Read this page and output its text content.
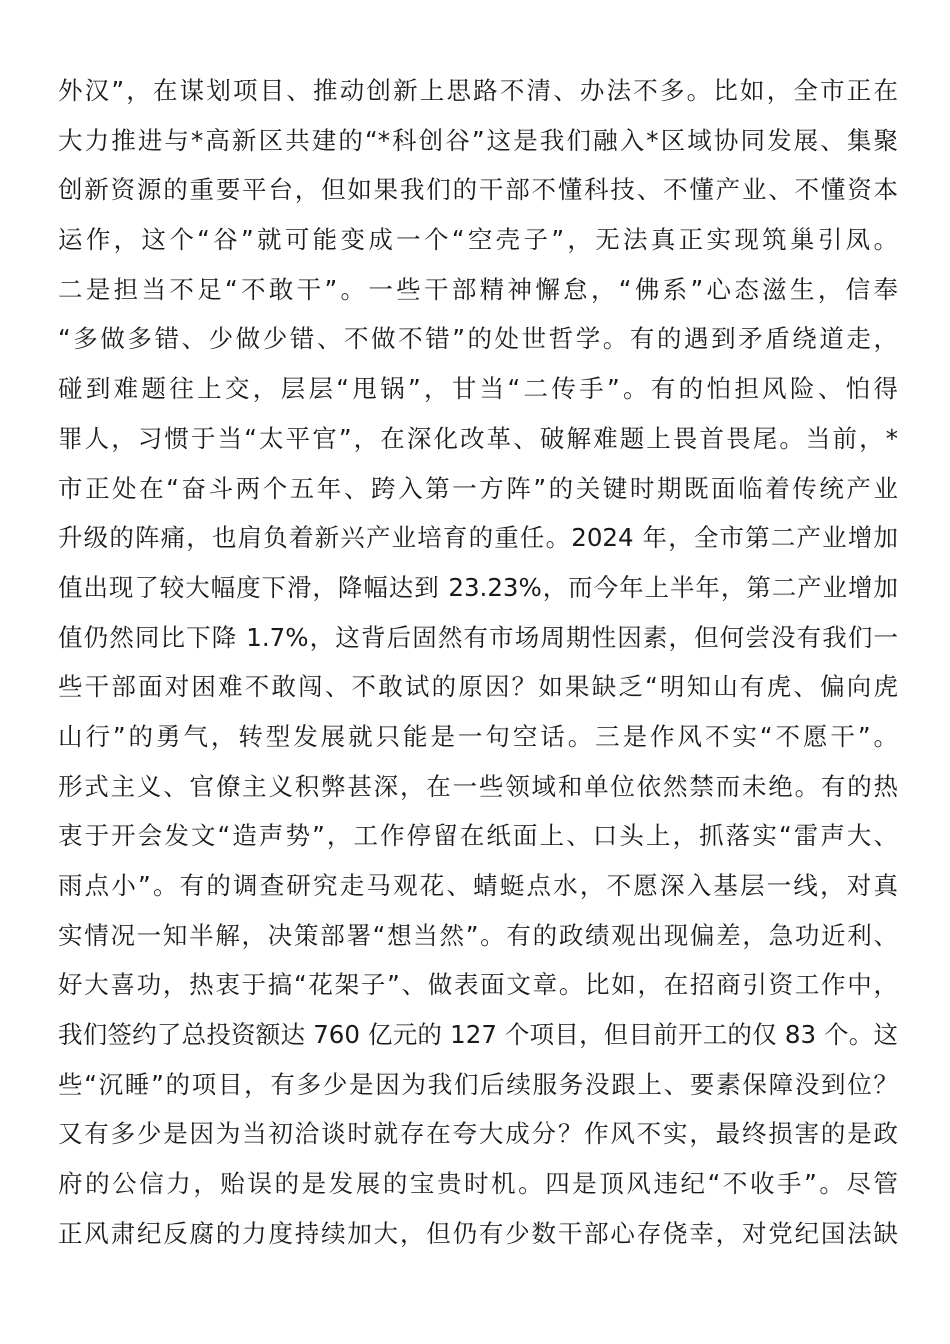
外汉”，在谋划项目、推动创新上思路不清、办法不多。比如，全市正在
大力推进与*高新区共建的“*科创谷”这是我们融入*区域协同发展、集聚
创新资源的重要平台，但如果我们的干部不懂科技、不懂产业、不懂资本
运作，这个“谷”就可能变成一个“空壳子”，无法真正实现筑巢引凤。
二是担当不足“不敢干”。一些干部精神懈怠，“佛系”心态滋生，信奉
“多做多错、少做少错、不做不错”的处世哲学。有的遇到矛盾绕道走，
碰到难题往上交，层层“甩锅”，甘当“二传手”。有的怕担风险、怕得
罪人，习惯于当“太平官”，在深化改革、破解难题上畏首畏尾。当前，*
市正处在“奋斗两个五年、跨入第一方阵”的关键时期既面临着传统产业
升级的阵痛，也肩负着新兴产业培育的重任。2024 年，全市第二产业增加
值出现了较大幅度下滑，降幅达到 23.23%，而今年上半年，第二产业增加
值仍然同比下降 1.7%，这背后固然有市场周期性因素，但何尝没有我们一
些干部面对困难不敢闯、不敢试的原因？如果缺乏“明知山有虎、偏向虎
山行”的勇气，转型发展就只能是一句空话。三是作风不实“不愿干”。
形式主义、官僚主义积弊甚深，在一些领域和单位依然禁而未绝。有的热
衷于开会发文“造声势”，工作停留在纸面上、口头上，抓落实“雷声大、
雨点小”。有的调查研究走马观花、蜻蜓点水，不愿深入基层一线，对真
实情况一知半解，决策部署“想当然”。有的政绩观出现偏差，急功近利、
好大喜功，热衷于搞“花架子”、做表面文章。比如，在招商引资工作中，
我们签约了总投资额达 760 亿元的 127 个项目，但目前开工的仅 83 个。这
些“沉睡”的项目，有多少是因为我们后续服务没跟上、要素保障没到位？
又有多少是因为当初洽谈时就存在夸大成分？作风不实，最终损害的是政
府的公信力，贻误的是发展的宝贵时机。四是顶风违纪“不收手”。尽管
正风肃纪反腐的力度持续加大，但仍有少数干部心存侥幸，对党纪国法缺
